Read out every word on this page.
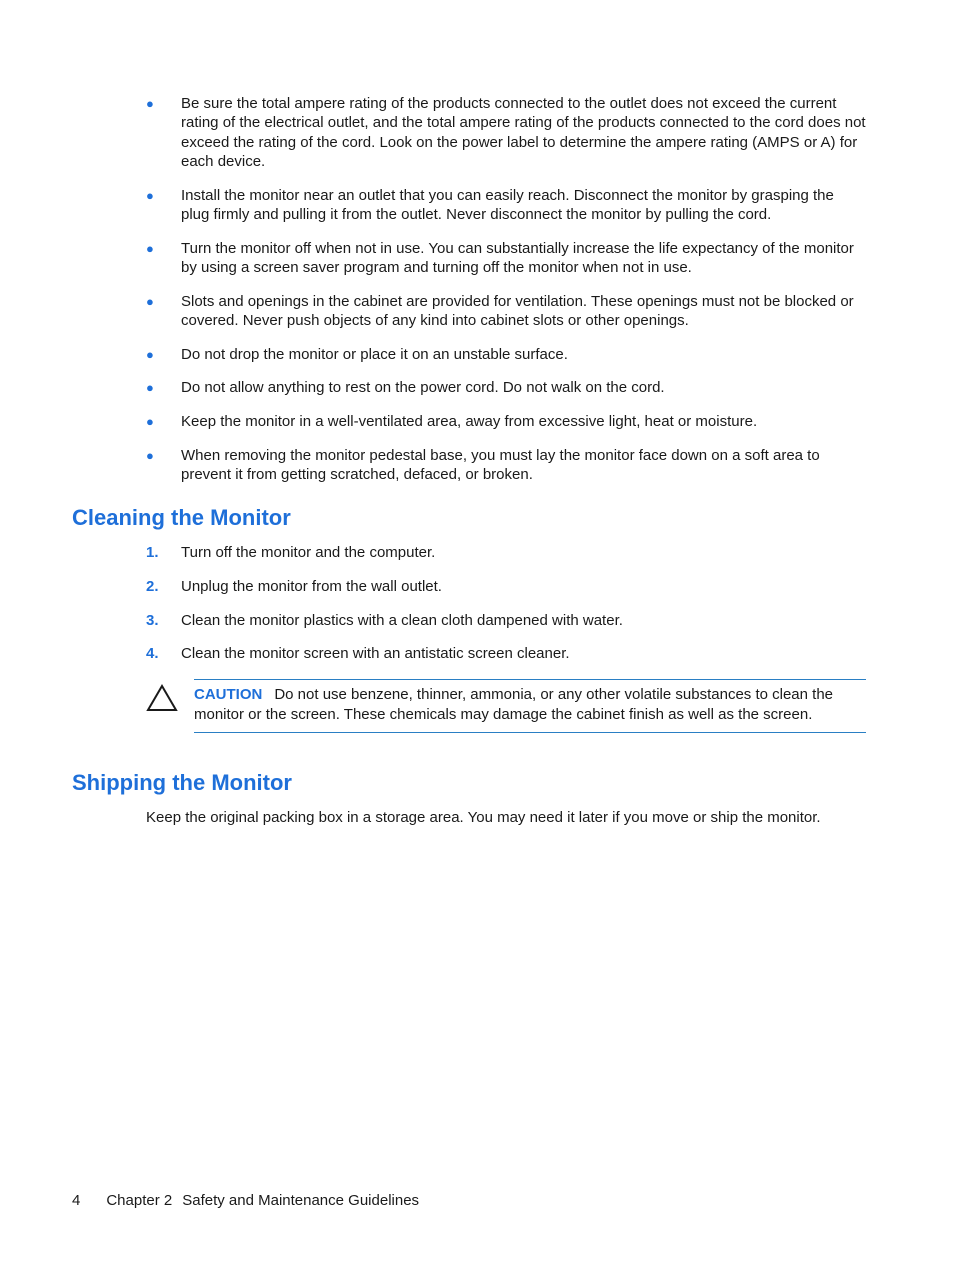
● Be sure the total ampere rating of the products connected to the outlet does not exceed the current rating of the electrical outlet, and the total ampere rating of the products connected to the cord does not exceed the rating of the cord. Look on the power label to determine the ampere rating (AMPS or A) for each device.
● Install the monitor near an outlet that you can easily reach. Disconnect the monitor by grasping the plug firmly and pulling it from the outlet. Never disconnect the monitor by pulling the cord.
● Turn the monitor off when not in use. You can substantially increase the life expectancy of the monitor by using a screen saver program and turning off the monitor when not in use.
● Slots and openings in the cabinet are provided for ventilation. These openings must not be blocked or covered. Never push objects of any kind into cabinet slots or other openings.
● Do not drop the monitor or place it on an unstable surface.
● Do not allow anything to rest on the power cord. Do not walk on the cord.
● Keep the monitor in a well-ventilated area, away from excessive light, heat or moisture.
● When removing the monitor pedestal base, you must lay the monitor face down on a soft area to prevent it from getting scratched, defaced, or broken.
Cleaning the Monitor
1. Turn off the monitor and the computer.
2. Unplug the monitor from the wall outlet.
3. Clean the monitor plastics with a clean cloth dampened with water.
4. Clean the monitor screen with an antistatic screen cleaner.
CAUTION Do not use benzene, thinner, ammonia, or any other volatile substances to clean the monitor or the screen. These chemicals may damage the cabinet finish as well as the screen.
Shipping the Monitor

Keep the original packing box in a storage area. You may need it later if you move or ship the monitor.

4 Chapter 2 Safety and Maintenance Guidelines
